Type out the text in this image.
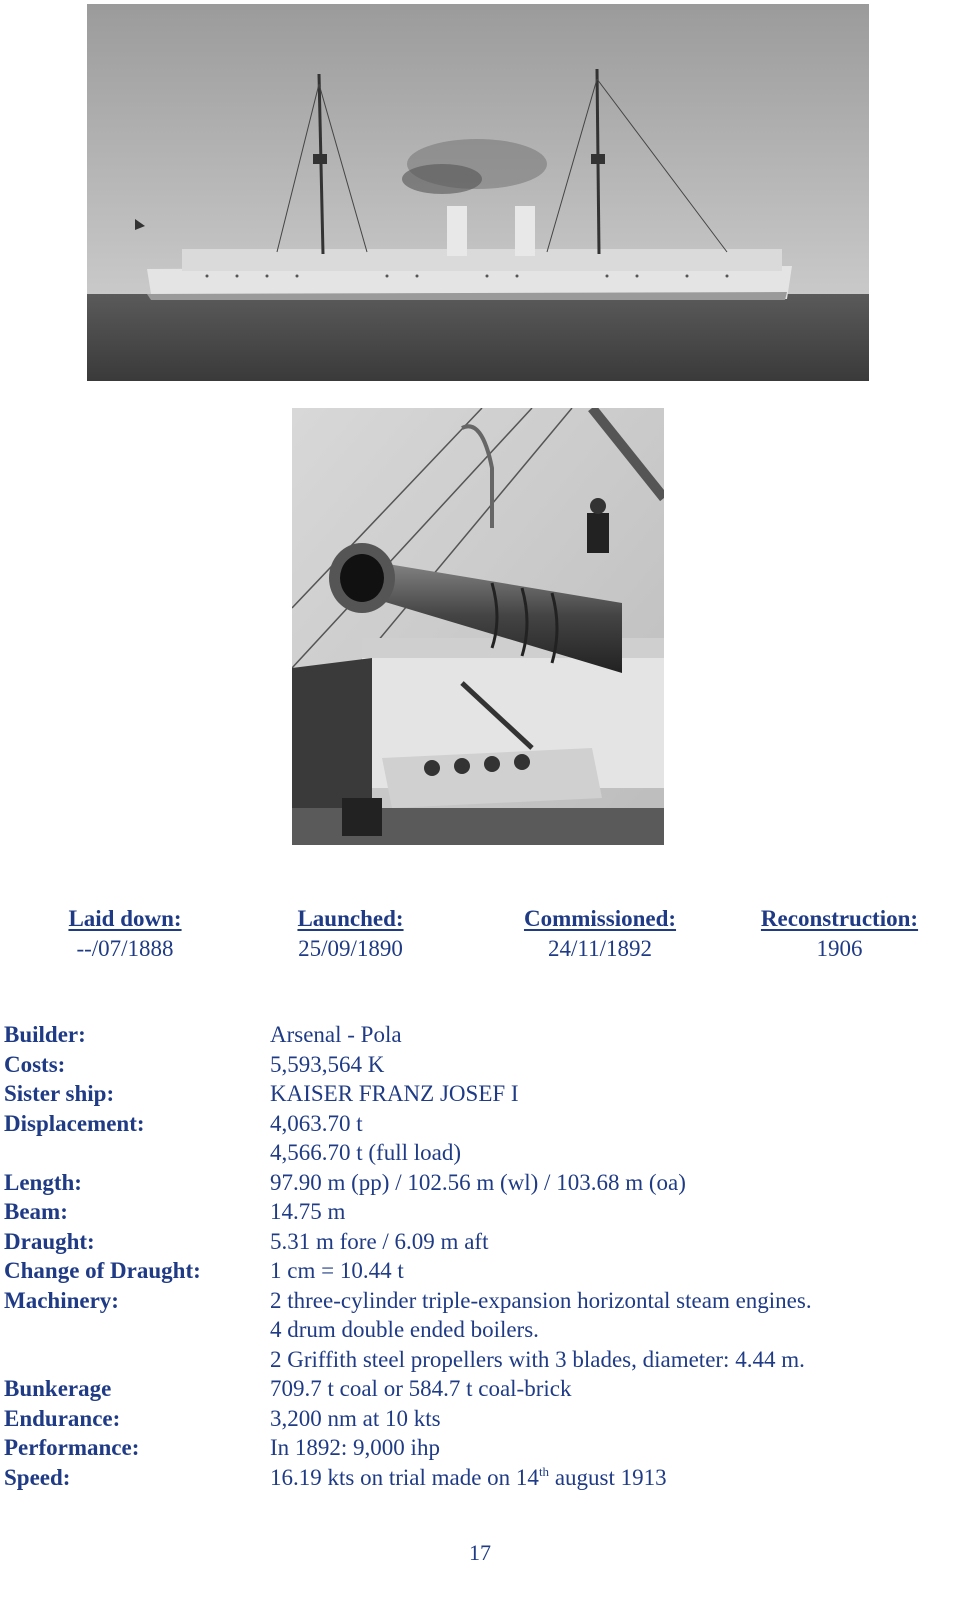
Laid down:
--/07/1888
Launched:
25/09/1890
Commissioned:
24/11/1892
Reconstruction:
1906
Builder:	Arsenal - Pola
Costs:	5,593,564 K
Sister ship:	KAISER FRANZ JOSEF I
Displacement:	4,063.70 t
4,566.70 t (full load)
Length:	97.90 m (pp) / 102.56 m (wl) / 103.68 m (oa)
Beam:	14.75 m
Draught:	5.31 m fore / 6.09 m aft
Change of Draught:	1 cm = 10.44 t
Machinery:	2 three-cylinder triple-expansion horizontal steam engines.
4 drum double ended boilers.
2 Griffith steel propellers with 3 blades, diameter: 4.44 m.
Bunkerage	709.7 t coal or 584.7 t coal-brick
Endurance:	3,200 nm at 10 kts
Performance:	In 1892: 9,000 ihp
Speed:	16.19 kts on trial made on 14th august 1913
17
